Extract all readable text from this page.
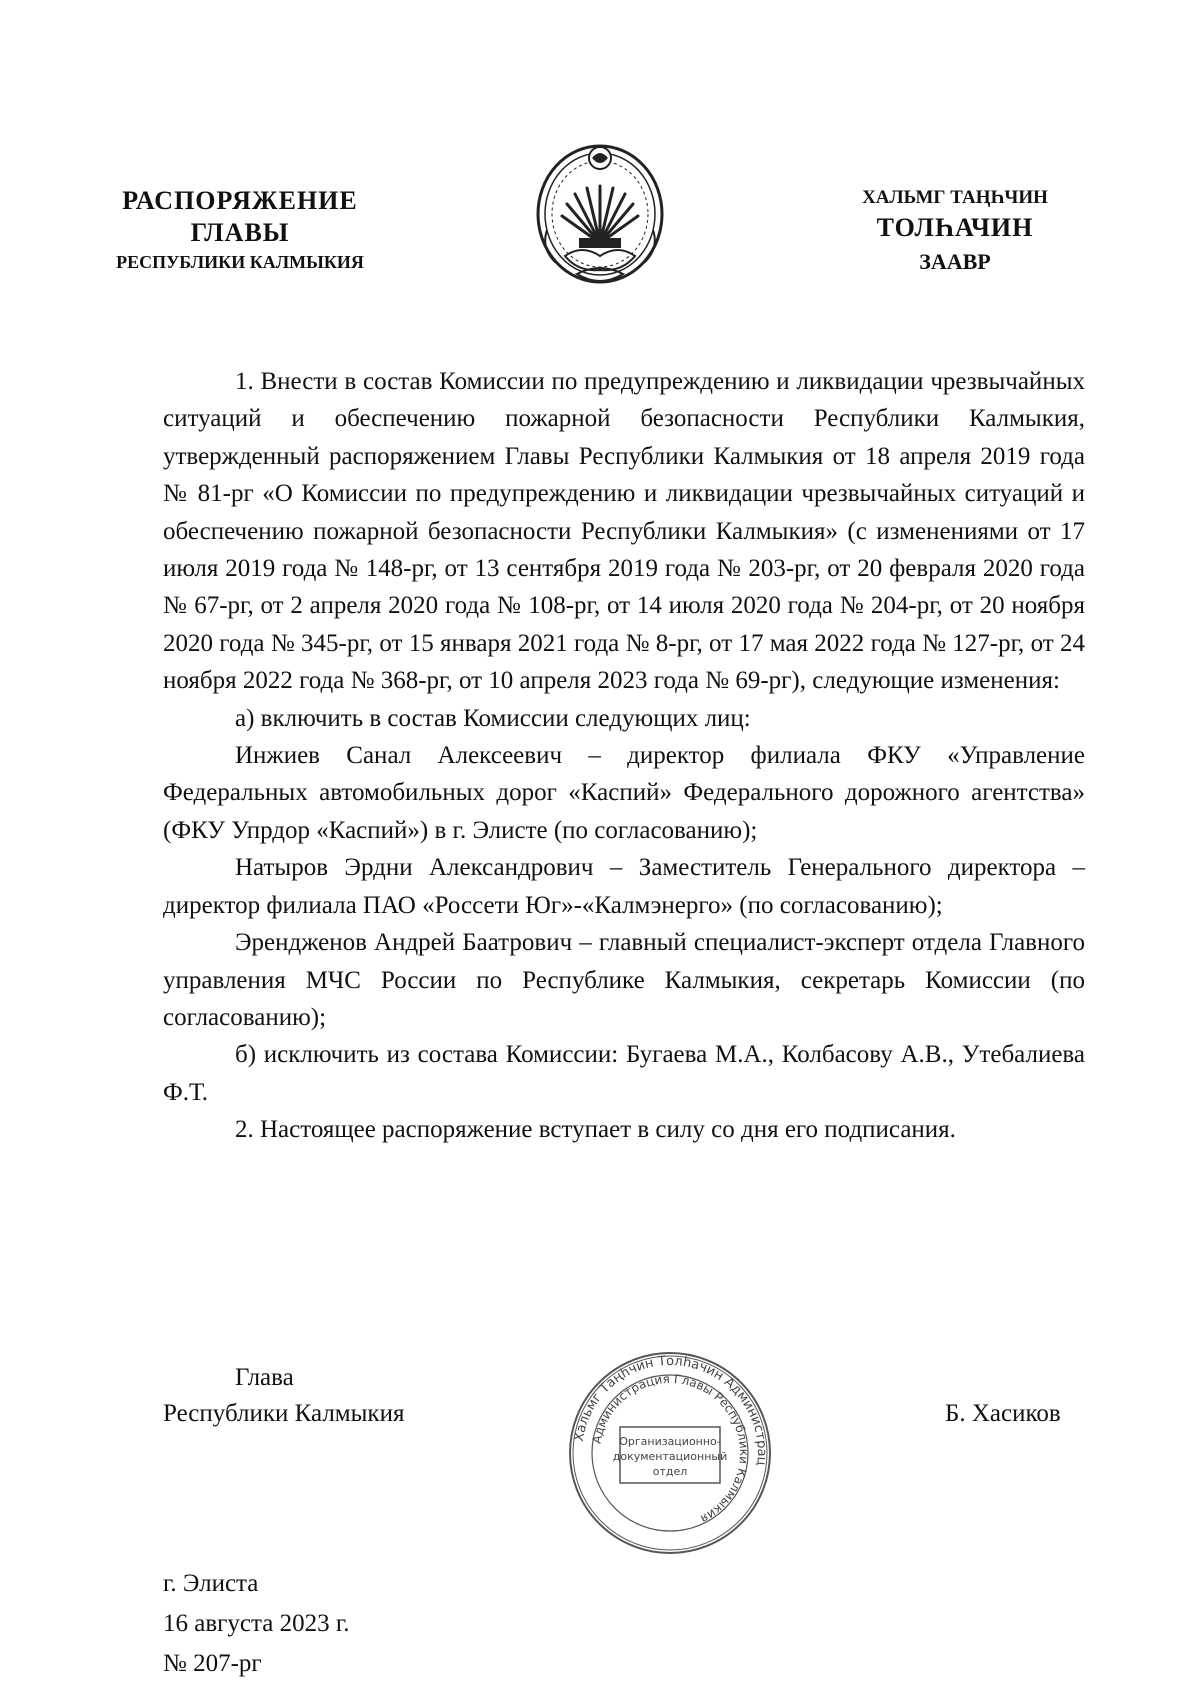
РАСПОРЯЖЕНИЕ
ГЛАВЫ
РЕСПУБЛИКИ КАЛМЫКИЯ
ХАЛЬМГ ТАҢҺЧИН
ТОЛҺАЧИН
ЗААВР

1. Внести в состав Комиссии по предупреждению и ликвидации чрезвычайных ситуаций и обеспечению пожарной безопасности Республики Калмыкия, утвержденный распоряжением Главы Республики Калмыкия от 18 апреля 2019 года № 81-рг «О Комиссии по предупреждению и ликвидации чрезвычайных ситуаций и обеспечению пожарной безопасности Республики Калмыкия» (с изменениями от 17 июля 2019 года № 148-рг, от 13 сентября 2019 года № 203-рг, от 20 февраля 2020 года № 67-рг, от 2 апреля 2020 года № 108-рг, от 14 июля 2020 года № 204-рг, от 20 ноября 2020 года № 345-рг, от 15 января 2021 года № 8-рг, от 17 мая 2022 года № 127-рг, от 24 ноября 2022 года № 368-рг, от 10 апреля 2023 года № 69-рг), следующие изменения:

а) включить в состав Комиссии следующих лиц:

Инжиев Санал Алексеевич – директор филиала ФКУ «Управление Федеральных автомобильных дорог «Каспий» Федерального дорожного агентства» (ФКУ Упрдор «Каспий») в г. Элисте (по согласованию);

Натыров Эрдни Александрович – Заместитель Генерального директора – директор филиала ПАО «Россети Юг»-«Калмэнерго» (по согласованию);

Эрендженов Андрей Баатрович – главный специалист-эксперт отдела Главного управления МЧС России по Республике Калмыкия, секретарь Комиссии (по согласованию);

б) исключить из состава Комиссии: Бугаева М.А., Колбасову А.В., Утебалиева Ф.Т.

2. Настоящее распоряжение вступает в силу со дня его подписания.

Глава
Республики Калмыкия
Хальмг Таңһчин Толһачин Администрац
Администрация Главы Республики Калмыкия
Организационно-
документационный
отдел
Б. Хасиков
г. Элиста
16 августа 2023 г.
№ 207-рг
